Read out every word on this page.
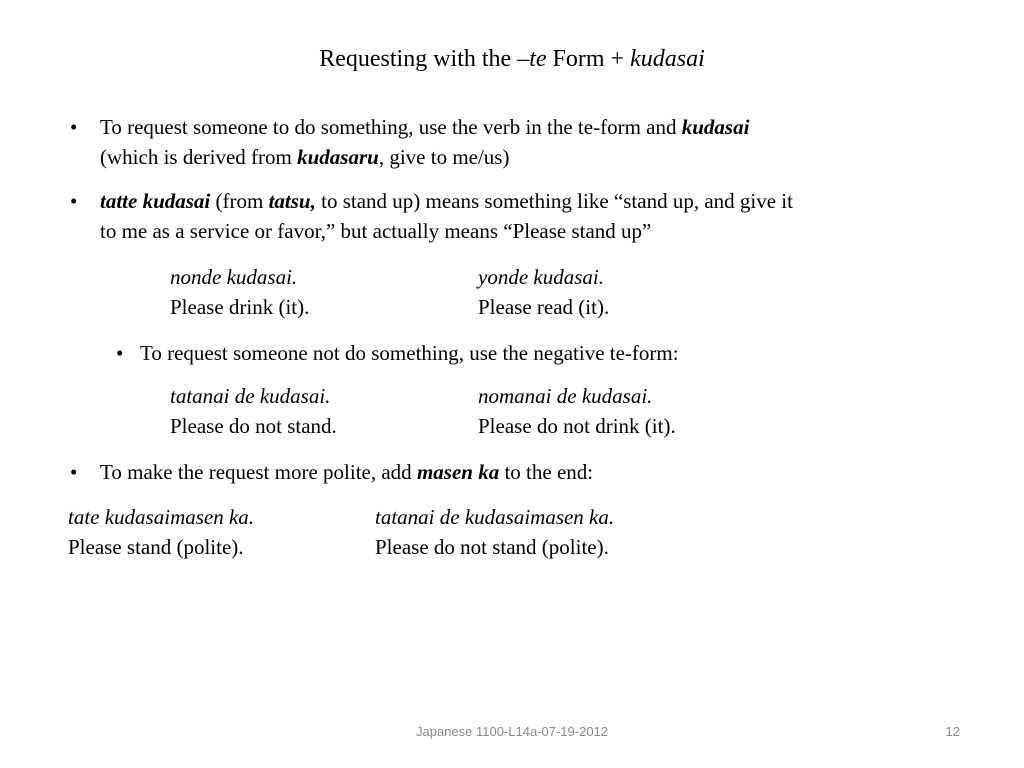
Requesting with the –te Form + kudasai
• To request someone to do something, use the verb in the te-form and kudasai
(which is derived from kudasaru, give to me/us)
• tatte kudasai (from tatsu, to stand up) means something like “stand up, and give it
to me as a service or favor,” but actually means “Please stand up”
nonde kudasai.
Please drink (it).
yonde kudasai.
Please read (it).
• To request someone not do something, use the negative te-form:
tatanai de kudasai.
Please do not stand.
nomanai de kudasai.
Please do not drink (it).
• To make the request more polite, add masen ka to the end:
tate kudasaimasen ka.
Please stand (polite).
tatanai de kudasaimasen ka.
Please do not stand (polite).
Japanese 1100-L14a-07-19-2012	12
